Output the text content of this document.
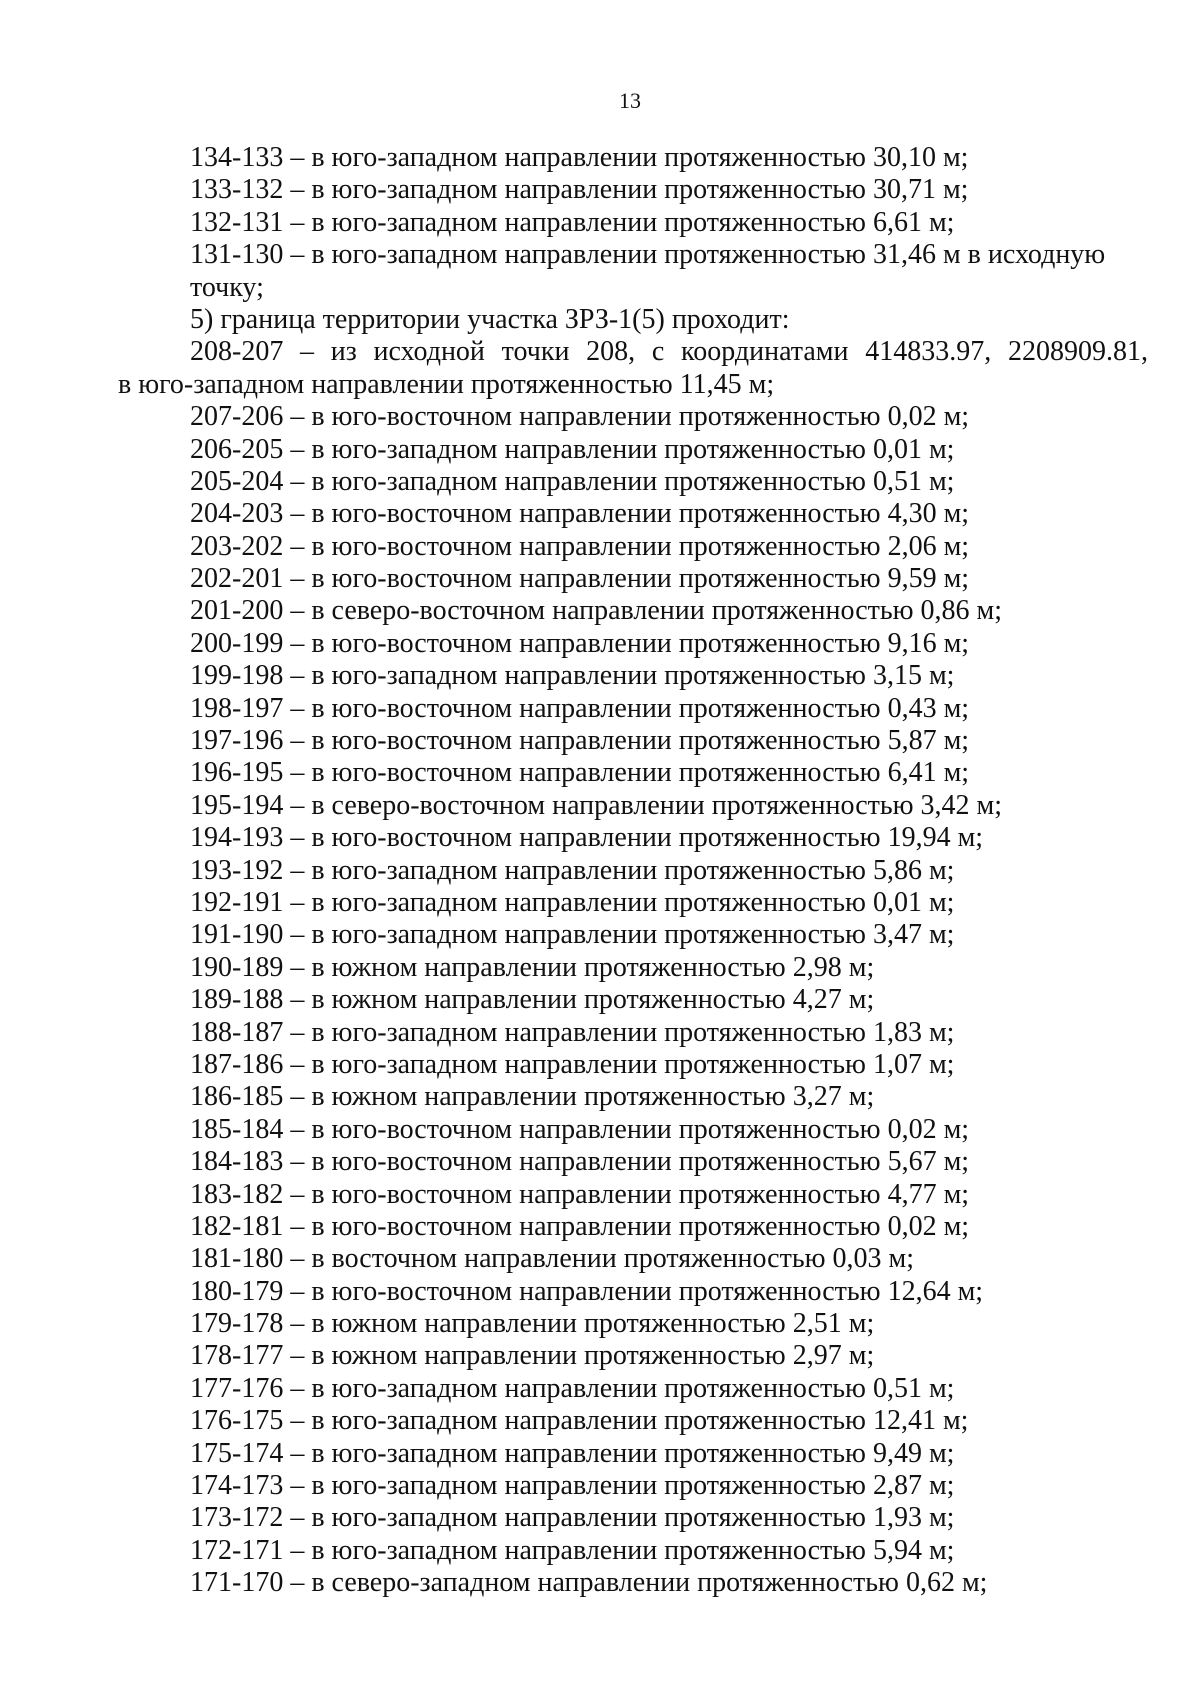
13
134-133 – в юго-западном направлении протяженностью 30,10 м;
133-132 – в юго-западном направлении протяженностью 30,71 м;
132-131 – в юго-западном направлении протяженностью 6,61 м;
131-130 – в юго-западном направлении протяженностью 31,46 м в исходную
точку;
5) граница территории участка ЗРЗ-1(5) проходит:
208-207 – из исходной точки 208, с координатами 414833.97, 2208909.81,
в юго-западном направлении протяженностью 11,45 м;
207-206 – в юго-восточном направлении протяженностью 0,02 м;
206-205 – в юго-западном направлении протяженностью 0,01 м;
205-204 – в юго-западном направлении протяженностью 0,51 м;
204-203 – в юго-восточном направлении протяженностью 4,30 м;
203-202 – в юго-восточном направлении протяженностью 2,06 м;
202-201 – в юго-восточном направлении протяженностью 9,59 м;
201-200 – в северо-восточном направлении протяженностью 0,86 м;
200-199 – в юго-восточном направлении протяженностью 9,16 м;
199-198 – в юго-западном направлении протяженностью 3,15 м;
198-197 – в юго-восточном направлении протяженностью 0,43 м;
197-196 – в юго-восточном направлении протяженностью 5,87 м;
196-195 – в юго-восточном направлении протяженностью 6,41 м;
195-194 – в северо-восточном направлении протяженностью 3,42 м;
194-193 – в юго-восточном направлении протяженностью 19,94 м;
193-192 – в юго-западном направлении протяженностью 5,86 м;
192-191 – в юго-западном направлении протяженностью 0,01 м;
191-190 – в юго-западном направлении протяженностью 3,47 м;
190-189 – в южном направлении протяженностью 2,98 м;
189-188 – в южном направлении протяженностью 4,27 м;
188-187 – в юго-западном направлении протяженностью 1,83 м;
187-186 – в юго-западном направлении протяженностью 1,07 м;
186-185 – в южном направлении протяженностью 3,27 м;
185-184 – в юго-восточном направлении протяженностью 0,02 м;
184-183 – в юго-восточном направлении протяженностью 5,67 м;
183-182 – в юго-восточном направлении протяженностью 4,77 м;
182-181 – в юго-восточном направлении протяженностью 0,02 м;
181-180 – в восточном направлении протяженностью 0,03 м;
180-179 – в юго-восточном направлении протяженностью 12,64 м;
179-178 – в южном направлении протяженностью 2,51 м;
178-177 – в южном направлении протяженностью 2,97 м;
177-176 – в юго-западном направлении протяженностью 0,51 м;
176-175 – в юго-западном направлении протяженностью 12,41 м;
175-174 – в юго-западном направлении протяженностью 9,49 м;
174-173 – в юго-западном направлении протяженностью 2,87 м;
173-172 – в юго-западном направлении протяженностью 1,93 м;
172-171 – в юго-западном направлении протяженностью 5,94 м;
171-170 – в северо-западном направлении протяженностью 0,62 м;
